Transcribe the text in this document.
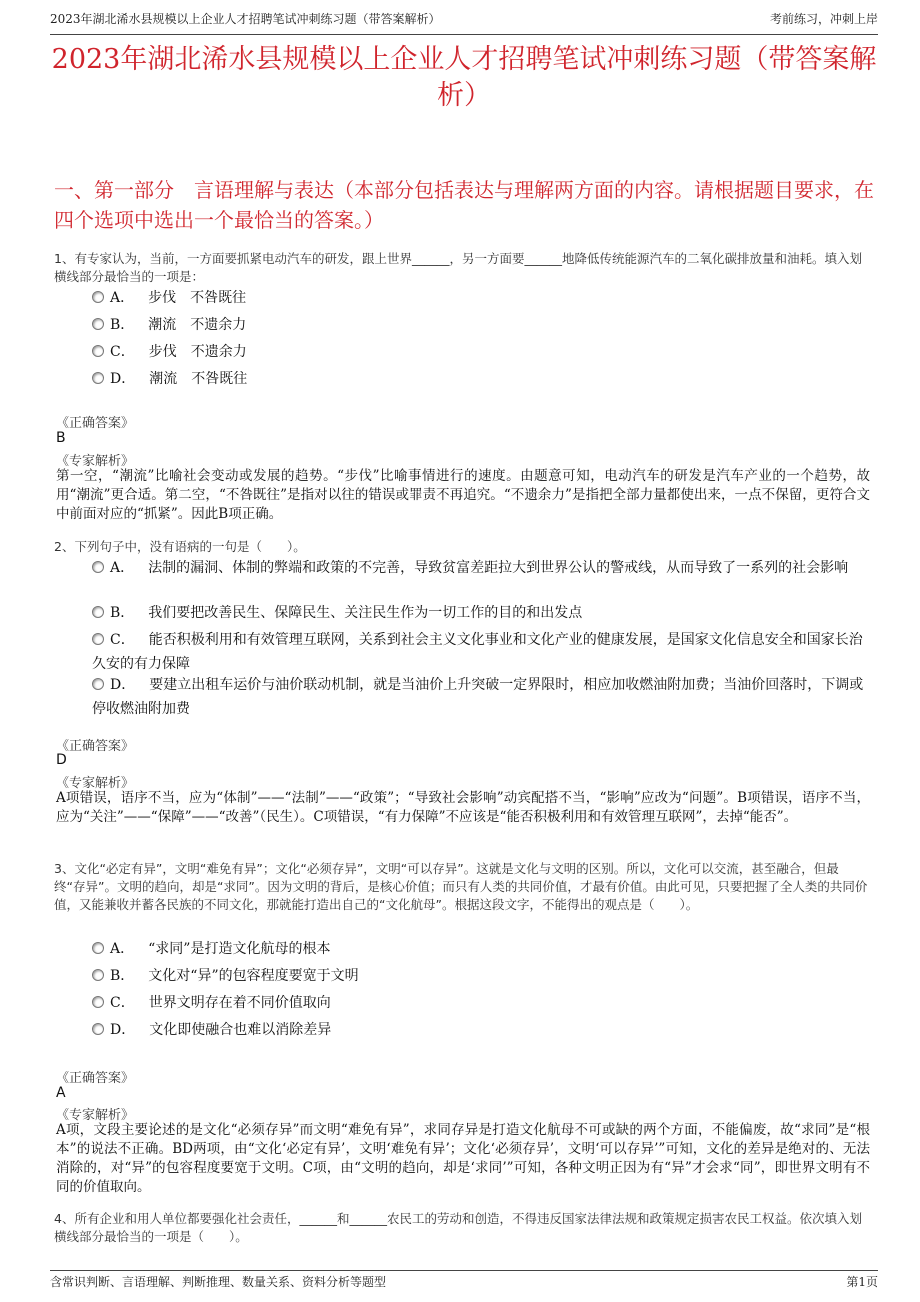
2023年湖北浠水县规模以上企业人才招聘笔试冲刺练习题（带答案解析）	考前练习，冲刺上岸
2023年湖北浠水县规模以上企业人才招聘笔试冲刺练习题（带答案解析）
一、第一部分　言语理解与表达（本部分包括表达与理解两方面的内容。请根据题目要求，在四个选项中选出一个最恰当的答案。）
1、有专家认为，当前，一方面要抓紧电动汽车的研发，跟上世界______，另一方面要______地降低传统能源汽车的二氧化碳排放量和油耗。填入划横线部分最恰当的一项是：
A． 步伐　不咎既往
B． 潮流　不遗余力
C． 步伐　不遗余力
D． 潮流　不咎既往
《正确答案》
B
《专家解析》
第一空，“潮流”比喻社会变动或发展的趋势。“步伐”比喻事情进行的速度。由题意可知，电动汽车的研发是汽车产业的一个趋势，故用“潮流”更合适。第二空，“不咎既往”是指对以往的错误或罪责不再追究。“不遗余力”是指把全部力量都使出来，一点不保留，更符合文中前面对应的“抓紧”。因此B项正确。
2、下列句子中，没有语病的一句是（　　）。
A． 法制的漏洞、体制的弊端和政策的不完善，导致贫富差距拉大到世界公认的警戒线，从而导致了一系列的社会影响
B． 我们要把改善民生、保障民生、关注民生作为一切工作的目的和出发点
C． 能否积极利用和有效管理互联网，关系到社会主义文化事业和文化产业的健康发展，是国家文化信息安全和国家长治久安的有力保障
D． 要建立出租车运价与油价联动机制，就是当油价上升突破一定界限时，相应加收燃油附加费；当油价回落时，下调或停收燃油附加费
《正确答案》
D
《专家解析》
A项错误，语序不当，应为“体制”——“法制”——“政策”；“导致社会影响”动宾配搭不当，“影响”应改为“问题”。B项错误，语序不当，应为“关注”——“保障”——“改善”（民生）。C项错误，“有力保障”不应该是“能否积极利用和有效管理互联网”，去掉“能否”。
3、文化“必定有异”，文明“难免有异”；文化“必须存异”，文明“可以存异”。这就是文化与文明的区别。所以，文化可以交流，甚至融合，但最终“存异”。文明的趋向，却是“求同”。因为文明的背后，是核心价值；而只有人类的共同价值，才最有价值。由此可见，只要把握了全人类的共同价值，又能兼收并蓄各民族的不同文化，那就能打造出自己的“文化航母”。根据这段文字，不能得出的观点是（　　）。
A． “求同”是打造文化航母的根本
B． 文化对“异”的包容程度要宽于文明
C． 世界文明存在着不同价值取向
D． 文化即使融合也难以消除差异
《正确答案》
A
《专家解析》
A项，文段主要论述的是文化“必须存异”而文明“难免有异”，求同存异是打造文化航母不可或缺的两个方面，不能偏废，故“求同”是“根本”的说法不正确。BD两项，由“文化‘必定有异’，文明‘难免有异’；文化‘必须存异’，文明‘可以存异’”可知，文化的差异是绝对的、无法消除的，对“异”的包容程度要宽于文明。C项，由“文明的趋向，却是‘求同’”可知，各种文明正因为有“异”才会求“同”，即世界文明有不同的价值取向。
4、所有企业和用人单位都要强化社会责任，______和______农民工的劳动和创造，不得违反国家法律法规和政策规定损害农民工权益。依次填入划横线部分最恰当的一项是（　　）。
含常识判断、言语理解、判断推理、数量关系、资料分析等题型	第1页
